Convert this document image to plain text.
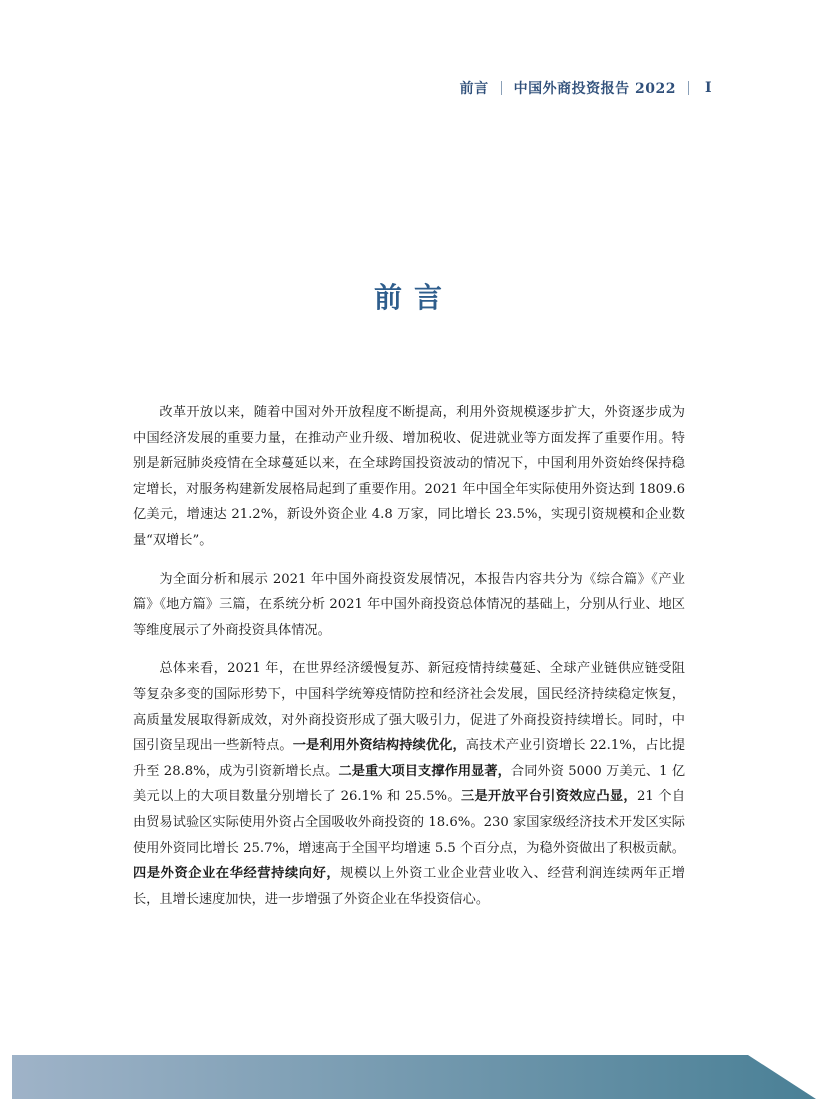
前言 中国外商投资报告 2022 I
前言

改革开放以来，随着中国对外开放程度不断提高，利用外资规模逐步扩大，外资逐步成为中国经济发展的重要力量，在推动产业升级、增加税收、促进就业等方面发挥了重要作用。特别是新冠肺炎疫情在全球蔓延以来，在全球跨国投资波动的情况下，中国利用外资始终保持稳定增长，对服务构建新发展格局起到了重要作用。2021 年中国全年实际使用外资达到 1809.6 亿美元，增速达 21.2%，新设外资企业 4.8 万家，同比增长 23.5%，实现引资规模和企业数量“双增长”。

为全面分析和展示 2021 年中国外商投资发展情况，本报告内容共分为《综合篇》《产业篇》《地方篇》三篇，在系统分析 2021 年中国外商投资总体情况的基础上，分别从行业、地区等维度展示了外商投资具体情况。

总体来看，2021 年，在世界经济缓慢复苏、新冠疫情持续蔓延、全球产业链供应链受阻等复杂多变的国际形势下，中国科学统筹疫情防控和经济社会发展，国民经济持续稳定恢复，高质量发展取得新成效，对外商投资形成了强大吸引力，促进了外商投资持续增长。同时，中国引资呈现出一些新特点。一是利用外资结构持续优化，高技术产业引资增长 22.1%，占比提升至 28.8%，成为引资新增长点。二是重大项目支撑作用显著，合同外资 5000 万美元、1 亿美元以上的大项目数量分别增长了 26.1% 和 25.5%。三是开放平台引资效应凸显，21 个自由贸易试验区实际使用外资占全国吸收外商投资的 18.6%。230 家国家级经济技术开发区实际使用外资同比增长 25.7%，增速高于全国平均增速 5.5 个百分点，为稳外资做出了积极贡献。四是外资企业在华经营持续向好，规模以上外资工业企业营业收入、经营利润连续两年正增长，且增长速度加快，进一步增强了外资企业在华投资信心。
